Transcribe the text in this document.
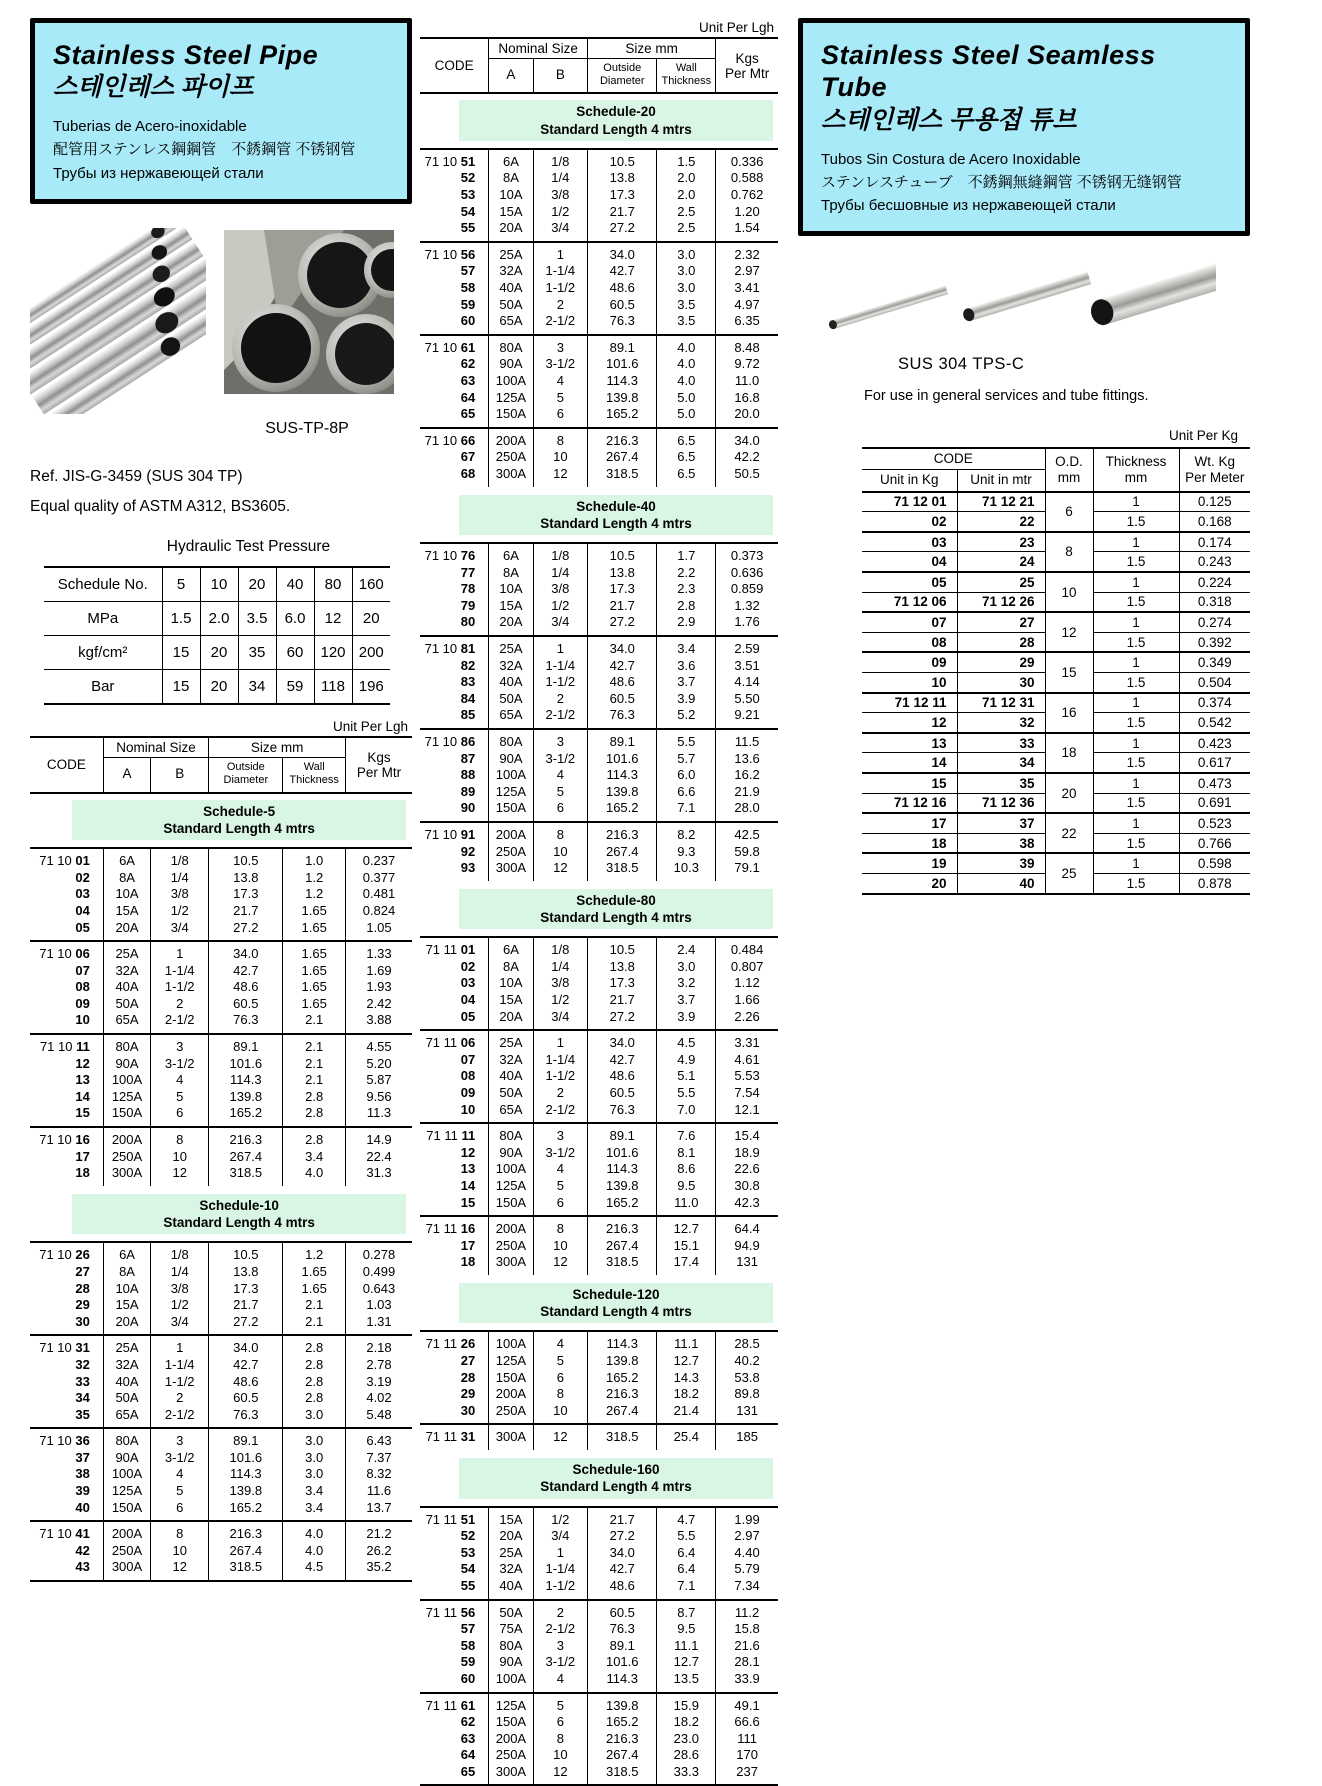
Stainless Steel Pipe
스테인레스 파이프
Tuberias de Acero-inoxidable
配管用ステンレス鋼鋼管　不銹鋼管 不锈钢管
Трубы из нержавеющей стали
SUS-TP-8P
Ref. JIS-G-3459 (SUS 304 TP)
Equal quality of ASTM A312, BS3605.
Hydraulic Test Pressure
Schedule No.	5	10	20	40	80	160
MPa	1.5	2.0	3.5	6.0	12	20
kgf/cm²	15	20	35	60	120	200
Bar	15	20	34	59	118	196
Unit Per Lgh
CODE	Nominal Size		Size mm		Kgs
Per Mtr
	A	B	Outside
Diameter	Wall
Thickness	

Schedule-5
Standard Length 4 mtrs					

71 10 01	6A	1/8	10.5	1.0	0.237
02	8A	1/4	13.8	1.2	0.377
03	10A	3/8	17.3	1.2	0.481
04	15A	1/2	21.7	1.65	0.824
05	20A	3/4	27.2	1.65	1.05
71 10 06	25A	1	34.0	1.65	1.33
07	32A	1-1/4	42.7	1.65	1.69
08	40A	1-1/2	48.6	1.65	1.93
09	50A	2	60.5	1.65	2.42
10	65A	2-1/2	76.3	2.1	3.88
71 10 11	80A	3	89.1	2.1	4.55
12	90A	3-1/2	101.6	2.1	5.20
13	100A	4	114.3	2.1	5.87
14	125A	5	139.8	2.8	9.56
15	150A	6	165.2	2.8	11.3
71 10 16	200A	8	216.3	2.8	14.9
17	250A	10	267.4	3.4	22.4
18	300A	12	318.5	4.0	31.3

Schedule-10
Standard Length 4 mtrs					

71 10 26	6A	1/8	10.5	1.2	0.278
27	8A	1/4	13.8	1.65	0.499
28	10A	3/8	17.3	1.65	0.643
29	15A	1/2	21.7	2.1	1.03
30	20A	3/4	27.2	2.1	1.31
71 10 31	25A	1	34.0	2.8	2.18
32	32A	1-1/4	42.7	2.8	2.78
33	40A	1-1/2	48.6	2.8	3.19
34	50A	2	60.5	2.8	4.02
35	65A	2-1/2	76.3	3.0	5.48
71 10 36	80A	3	89.1	3.0	6.43
37	90A	3-1/2	101.6	3.0	7.37
38	100A	4	114.3	3.0	8.32
39	125A	5	139.8	3.4	11.6
40	150A	6	165.2	3.4	13.7
71 10 41	200A	8	216.3	4.0	21.2
42	250A	10	267.4	4.0	26.2
43	300A	12	318.5	4.5	35.2
Unit Per Lgh
CODE	Nominal Size		Size mm		Kgs
Per Mtr
	A	B	Outside
Diameter	Wall
Thickness	

Schedule-20
Standard Length 4 mtrs					

71 10 51	6A	1/8	10.5	1.5	0.336
52	8A	1/4	13.8	2.0	0.588
53	10A	3/8	17.3	2.0	0.762
54	15A	1/2	21.7	2.5	1.20
55	20A	3/4	27.2	2.5	1.54
71 10 56	25A	1	34.0	3.0	2.32
57	32A	1-1/4	42.7	3.0	2.97
58	40A	1-1/2	48.6	3.0	3.41
59	50A	2	60.5	3.5	4.97
60	65A	2-1/2	76.3	3.5	6.35
71 10 61	80A	3	89.1	4.0	8.48
62	90A	3-1/2	101.6	4.0	9.72
63	100A	4	114.3	4.0	11.0
64	125A	5	139.8	5.0	16.8
65	150A	6	165.2	5.0	20.0
71 10 66	200A	8	216.3	6.5	34.0
67	250A	10	267.4	6.5	42.2
68	300A	12	318.5	6.5	50.5

Schedule-40
Standard Length 4 mtrs					

71 10 76	6A	1/8	10.5	1.7	0.373
77	8A	1/4	13.8	2.2	0.636
78	10A	3/8	17.3	2.3	0.859
79	15A	1/2	21.7	2.8	1.32
80	20A	3/4	27.2	2.9	1.76
71 10 81	25A	1	34.0	3.4	2.59
82	32A	1-1/4	42.7	3.6	3.51
83	40A	1-1/2	48.6	3.7	4.14
84	50A	2	60.5	3.9	5.50
85	65A	2-1/2	76.3	5.2	9.21
71 10 86	80A	3	89.1	5.5	11.5
87	90A	3-1/2	101.6	5.7	13.6
88	100A	4	114.3	6.0	16.2
89	125A	5	139.8	6.6	21.9
90	150A	6	165.2	7.1	28.0
71 10 91	200A	8	216.3	8.2	42.5
92	250A	10	267.4	9.3	59.8
93	300A	12	318.5	10.3	79.1

Schedule-80
Standard Length 4 mtrs					

71 11 01	6A	1/8	10.5	2.4	0.484
02	8A	1/4	13.8	3.0	0.807
03	10A	3/8	17.3	3.2	1.12
04	15A	1/2	21.7	3.7	1.66
05	20A	3/4	27.2	3.9	2.26
71 11 06	25A	1	34.0	4.5	3.31
07	32A	1-1/4	42.7	4.9	4.61
08	40A	1-1/2	48.6	5.1	5.53
09	50A	2	60.5	5.5	7.54
10	65A	2-1/2	76.3	7.0	12.1
71 11 11	80A	3	89.1	7.6	15.4
12	90A	3-1/2	101.6	8.1	18.9
13	100A	4	114.3	8.6	22.6
14	125A	5	139.8	9.5	30.8
15	150A	6	165.2	11.0	42.3
71 11 16	200A	8	216.3	12.7	64.4
17	250A	10	267.4	15.1	94.9
18	300A	12	318.5	17.4	131

Schedule-120
Standard Length 4 mtrs					

71 11 26	100A	4	114.3	11.1	28.5
27	125A	5	139.8	12.7	40.2
28	150A	6	165.2	14.3	53.8
29	200A	8	216.3	18.2	89.8
30	250A	10	267.4	21.4	131
71 11 31	300A	12	318.5	25.4	185

Schedule-160
Standard Length 4 mtrs					

71 11 51	15A	1/2	21.7	4.7	1.99
52	20A	3/4	27.2	5.5	2.97
53	25A	1	34.0	6.4	4.40
54	32A	1-1/4	42.7	6.4	5.79
55	40A	1-1/2	48.6	7.1	7.34
71 11 56	50A	2	60.5	8.7	11.2
57	75A	2-1/2	76.3	9.5	15.8
58	80A	3	89.1	11.1	21.6
59	90A	3-1/2	101.6	12.7	28.1
60	100A	4	114.3	13.5	33.9
71 11 61	125A	5	139.8	15.9	49.1
62	150A	6	165.2	18.2	66.6
63	200A	8	216.3	23.0	111
64	250A	10	267.4	28.6	170
65	300A	12	318.5	33.3	237
Stainless Steel Seamless Tube
스테인레스 무용접 튜브
Tubos Sin Costura de Acero Inoxidable
ステンレスチューブ　不銹鋼無縫鋼管 不锈钢无缝钢管
Трубы бесшовные из нержавеющей стали
SUS 304 TPS-C
For use in general services and tube fittings.
Unit Per Kg
CODE		O.D.
mm	Thickness
mm	Wt. Kg
Per Meter
Unit in Kg	Unit in mtr			
71 12 01	71 12 21	6	1	0.125
02	22		1.5	0.168
03	23	8	1	0.174
04	24		1.5	0.243
05	25	10	1	0.224
71 12 06	71 12 26		1.5	0.318
07	27	12	1	0.274
08	28		1.5	0.392
09	29	15	1	0.349
10	30		1.5	0.504
71 12 11	71 12 31	16	1	0.374
12	32		1.5	0.542
13	33	18	1	0.423
14	34		1.5	0.617
15	35	20	1	0.473
71 12 16	71 12 36		1.5	0.691
17	37	22	1	0.523
18	38		1.5	0.766
19	39	25	1	0.598
20	40		1.5	0.878
